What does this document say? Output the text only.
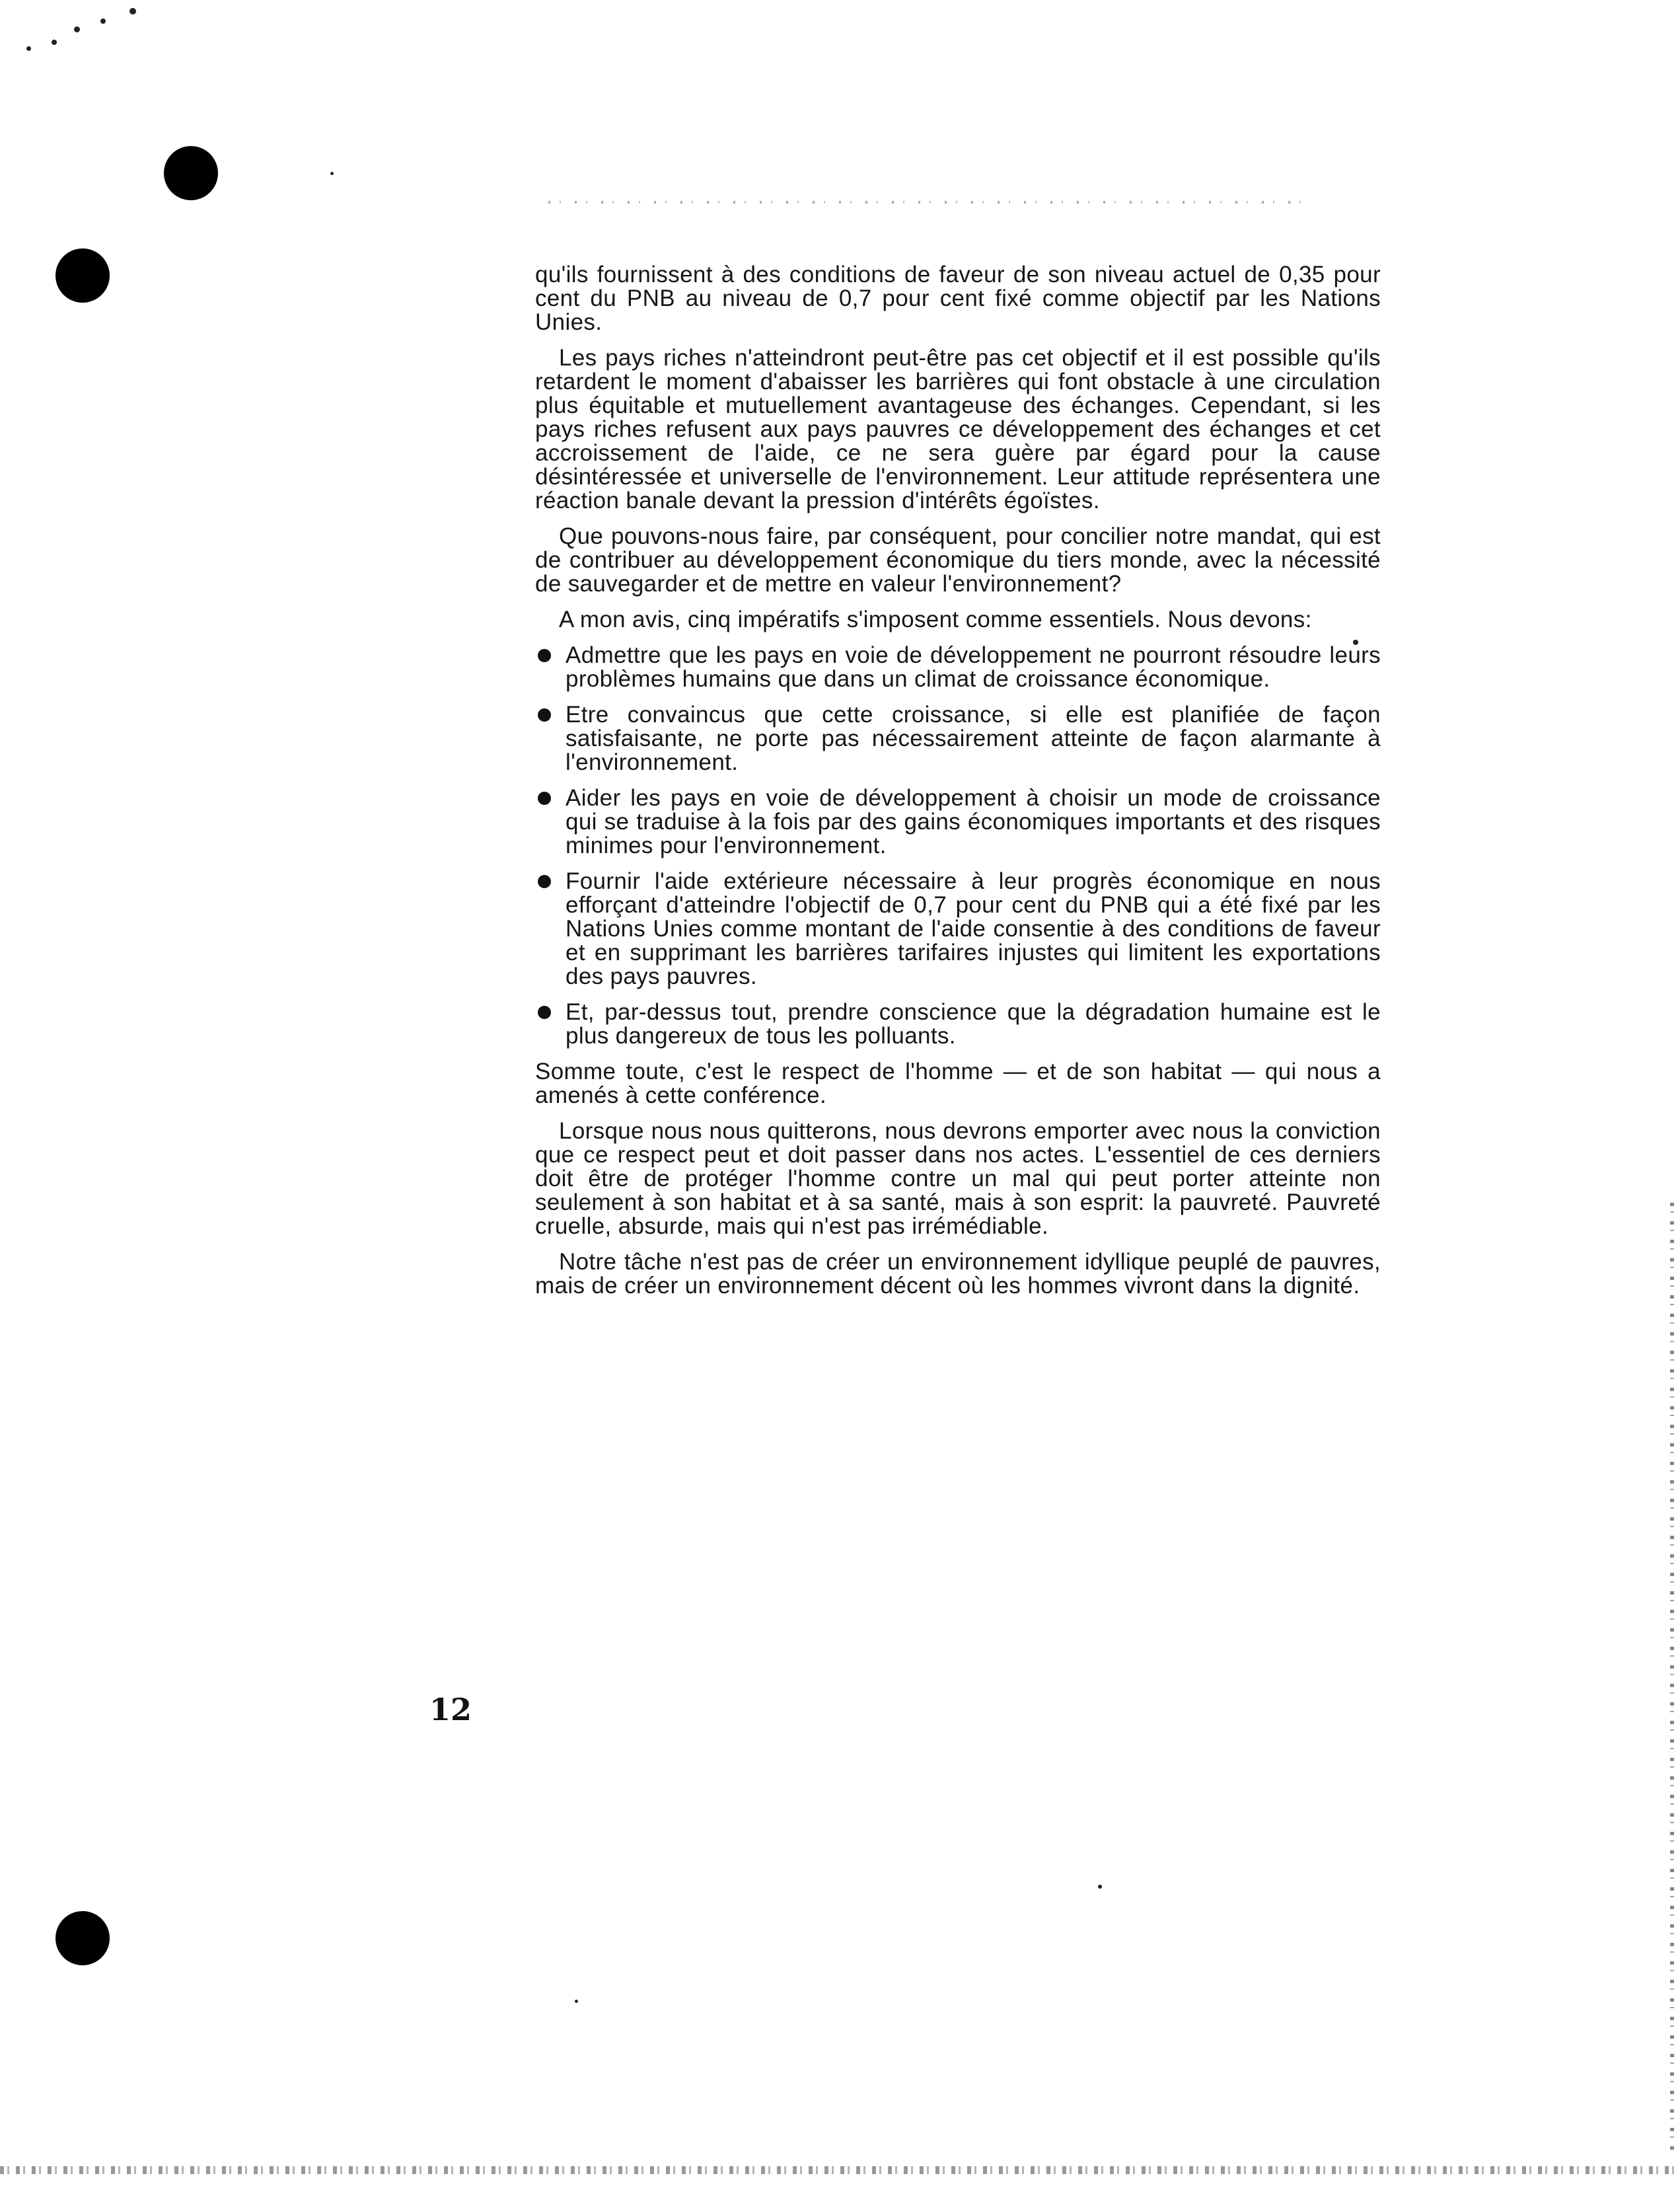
qu'ils fournissent à des conditions de faveur de son niveau actuel de 0,35 pour cent du PNB au niveau de 0,7 pour cent fixé comme objectif par les Nations Unies.

Les pays riches n'atteindront peut-être pas cet objectif et il est possible qu'ils retardent le moment d'abaisser les barrières qui font obstacle à une circulation plus équitable et mutuellement avantageuse des échanges. Cependant, si les pays riches refusent aux pays pauvres ce développement des échanges et cet accroissement de l'aide, ce ne sera guère par égard pour la cause désintéressée et universelle de l'environnement. Leur attitude représentera une réaction banale devant la pression d'intérêts égoïstes.

Que pouvons-nous faire, par conséquent, pour concilier notre mandat, qui est de contribuer au développement économique du tiers monde, avec la nécessité de sauvegarder et de mettre en valeur l'environnement?

A mon avis, cinq impératifs s'imposent comme essentiels. Nous devons:

Admettre que les pays en voie de développement ne pourront résoudre leurs problèmes humains que dans un climat de croissance économique.
Etre convaincus que cette croissance, si elle est planifiée de façon satisfaisante, ne porte pas nécessairement atteinte de façon alarmante à l'environnement.
Aider les pays en voie de développement à choisir un mode de croissance qui se traduise à la fois par des gains économiques importants et des risques minimes pour l'environnement.
Fournir l'aide extérieure nécessaire à leur progrès économique en nous efforçant d'atteindre l'objectif de 0,7 pour cent du PNB qui a été fixé par les Nations Unies comme montant de l'aide consentie à des conditions de faveur et en supprimant les barrières tarifaires injustes qui limitent les exportations des pays pauvres.
Et, par-dessus tout, prendre conscience que la dégradation humaine est le plus dangereux de tous les polluants.

Somme toute, c'est le respect de l'homme — et de son habitat — qui nous a amenés à cette conférence.

Lorsque nous nous quitterons, nous devrons emporter avec nous la conviction que ce respect peut et doit passer dans nos actes. L'essentiel de ces derniers doit être de protéger l'homme contre un mal qui peut porter atteinte non seulement à son habitat et à sa santé, mais à son esprit: la pauvreté. Pauvreté cruelle, absurde, mais qui n'est pas irrémédiable.

Notre tâche n'est pas de créer un environnement idyllique peuplé de pauvres, mais de créer un environnement décent où les hommes vivront dans la dignité.

12
